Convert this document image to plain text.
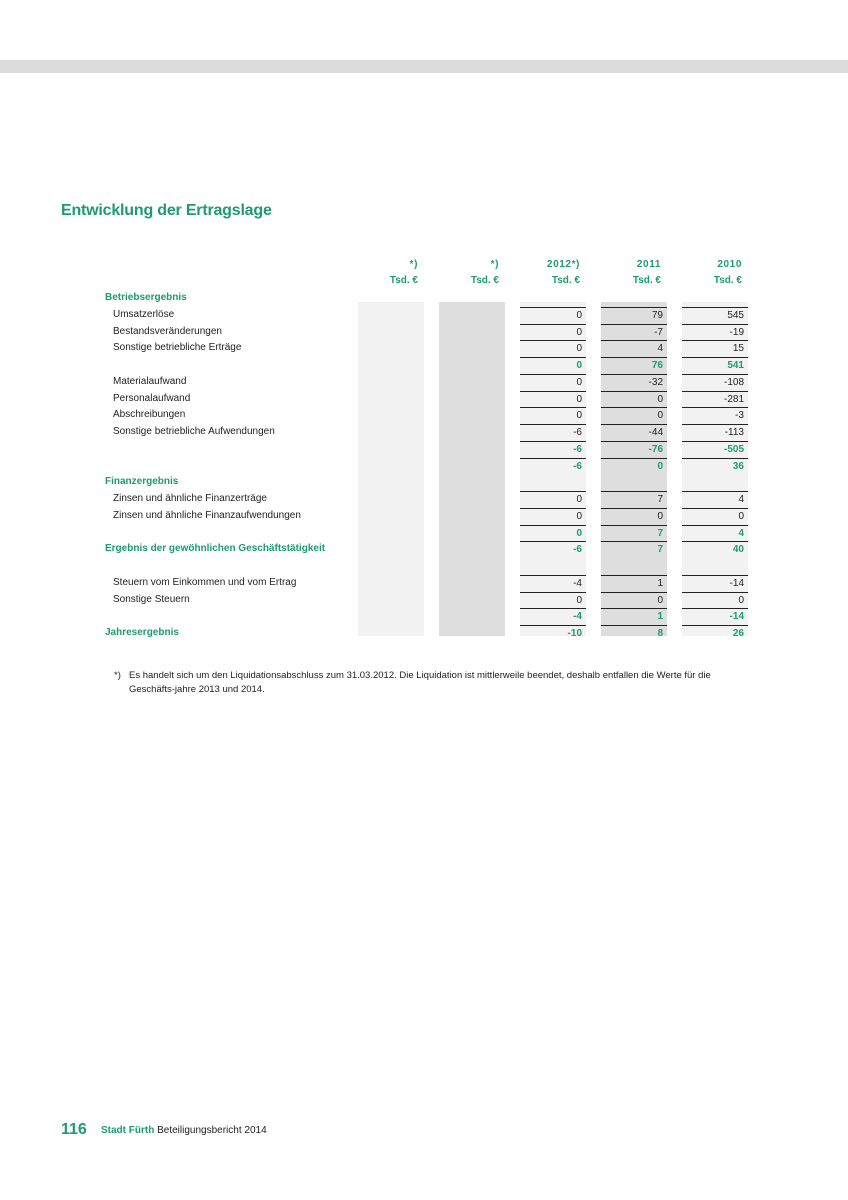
Entwicklung der Ertragslage
*)	*)	2012*)	2011	2010
Tsd. €	Tsd. €	Tsd. €	Tsd. €	Tsd. €
Betriebsergebnis
Umsatzerlöse	0	79	545
Bestandsveränderungen	0	-7	-19
Sonstige betriebliche Erträge	0	4	15
0	76	541
Materialaufwand	0	-32	-108
Personalaufwand	0	0	-281
Abschreibungen	0	0	-3
Sonstige betriebliche Aufwendungen	-6	-44	-113
-6	-76	-505
-6	0	36
Finanzergebnis
Zinsen und ähnliche Finanzerträge	0	7	4
Zinsen und ähnliche Finanzaufwendungen	0	0	0
0	7	4
Ergebnis der gewöhnlichen Geschäftstätigkeit	-6	7	40
Steuern vom Einkommen und vom Ertrag	-4	1	-14
Sonstige Steuern	0	0	0
-4	1	-14
Jahresergebnis	-10	8	26
*) Es handelt sich um den Liquidationsabschluss zum 31.03.2012. Die Liquidation ist mittlerweile beendet, deshalb entfallen die Werte für die Geschäfts-jahre 2013 und 2014.
116 Stadt Fürth Beteiligungsbericht 2014
